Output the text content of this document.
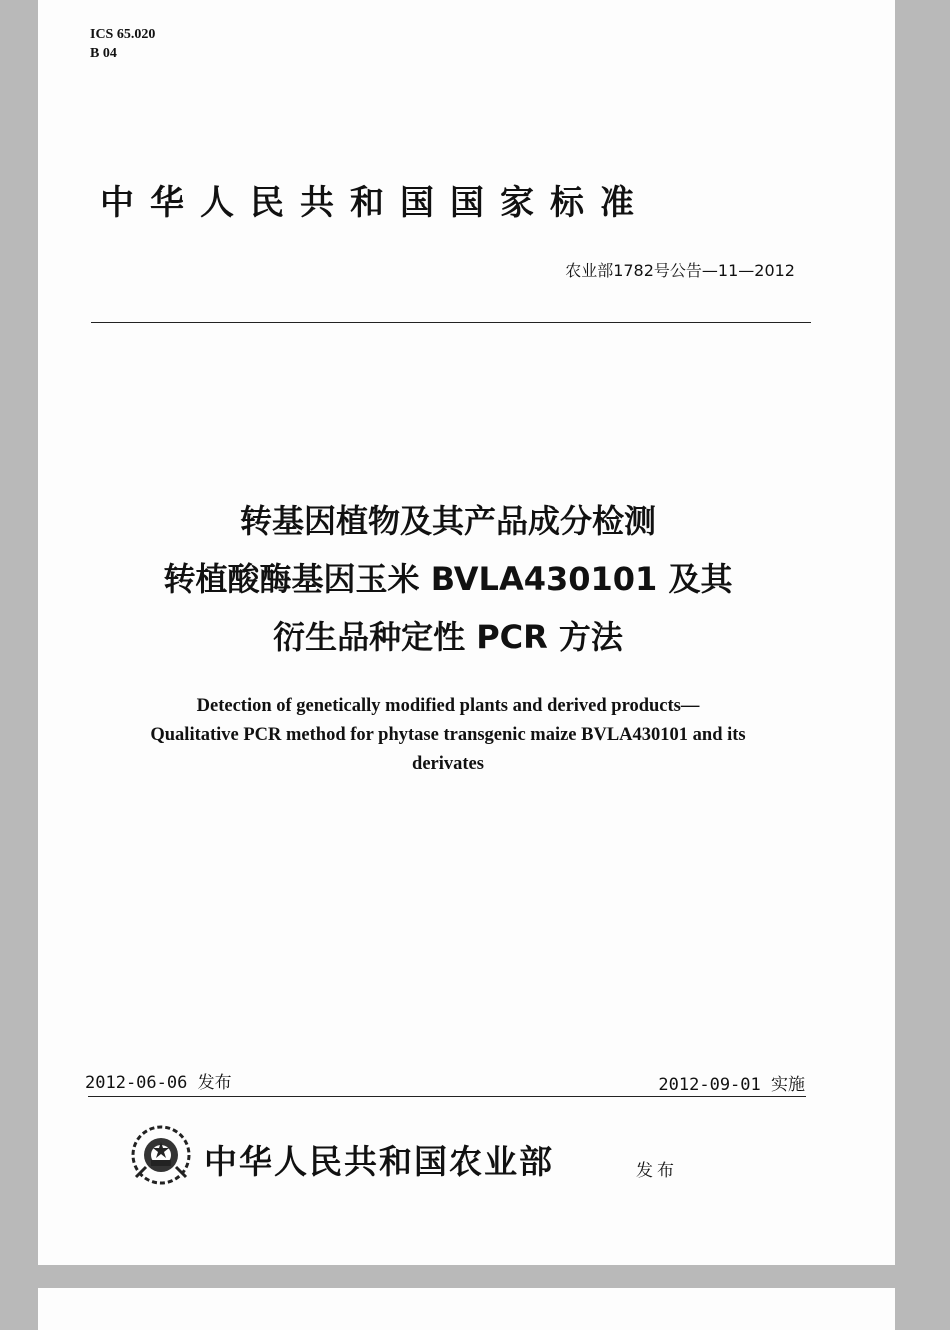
ICS 65.020
B 04
中华人民共和国国家标准
农业部1782号公告—11—2012
转基因植物及其产品成分检测
转植酸酶基因玉米 BVLA430101 及其
衍生品种定性 PCR 方法
Detection of genetically modified plants and derived products—
Qualitative PCR method for phytase transgenic maize BVLA430101 and its
derivates
2012-06-06 发布	2012-09-01 实施
中华人民共和国农业部	发布
